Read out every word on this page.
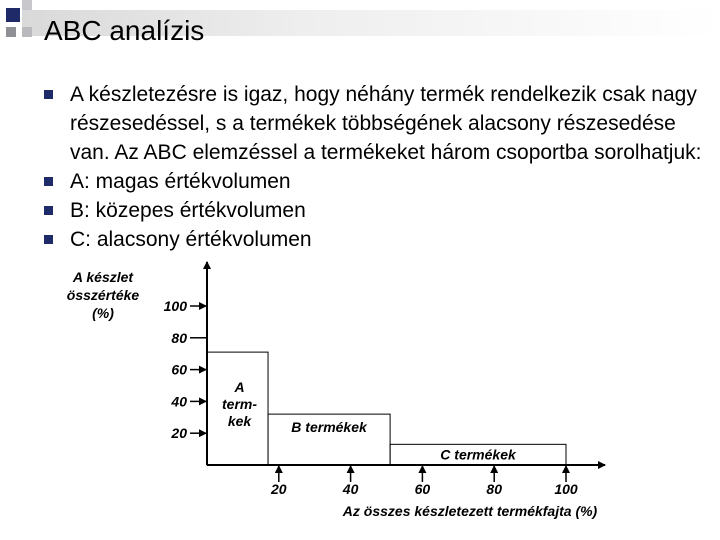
ABC analízis
A készletezésre is igaz, hogy néhány termék rendelkezik csak nagy részesedéssel, s a termékek többségének alacsony részesedése van. Az ABC elemzéssel a termékeket három csoportba sorolhatjuk:
A: magas értékvolumen
B: közepes értékvolumen
C: alacsony értékvolumen
A készlet
összértéke
(%)
Az összes készletezett termékfajta (%)
A
term-
kek	B termékek
C termékek
100
80
60
40
20
20	40	60	80	100
